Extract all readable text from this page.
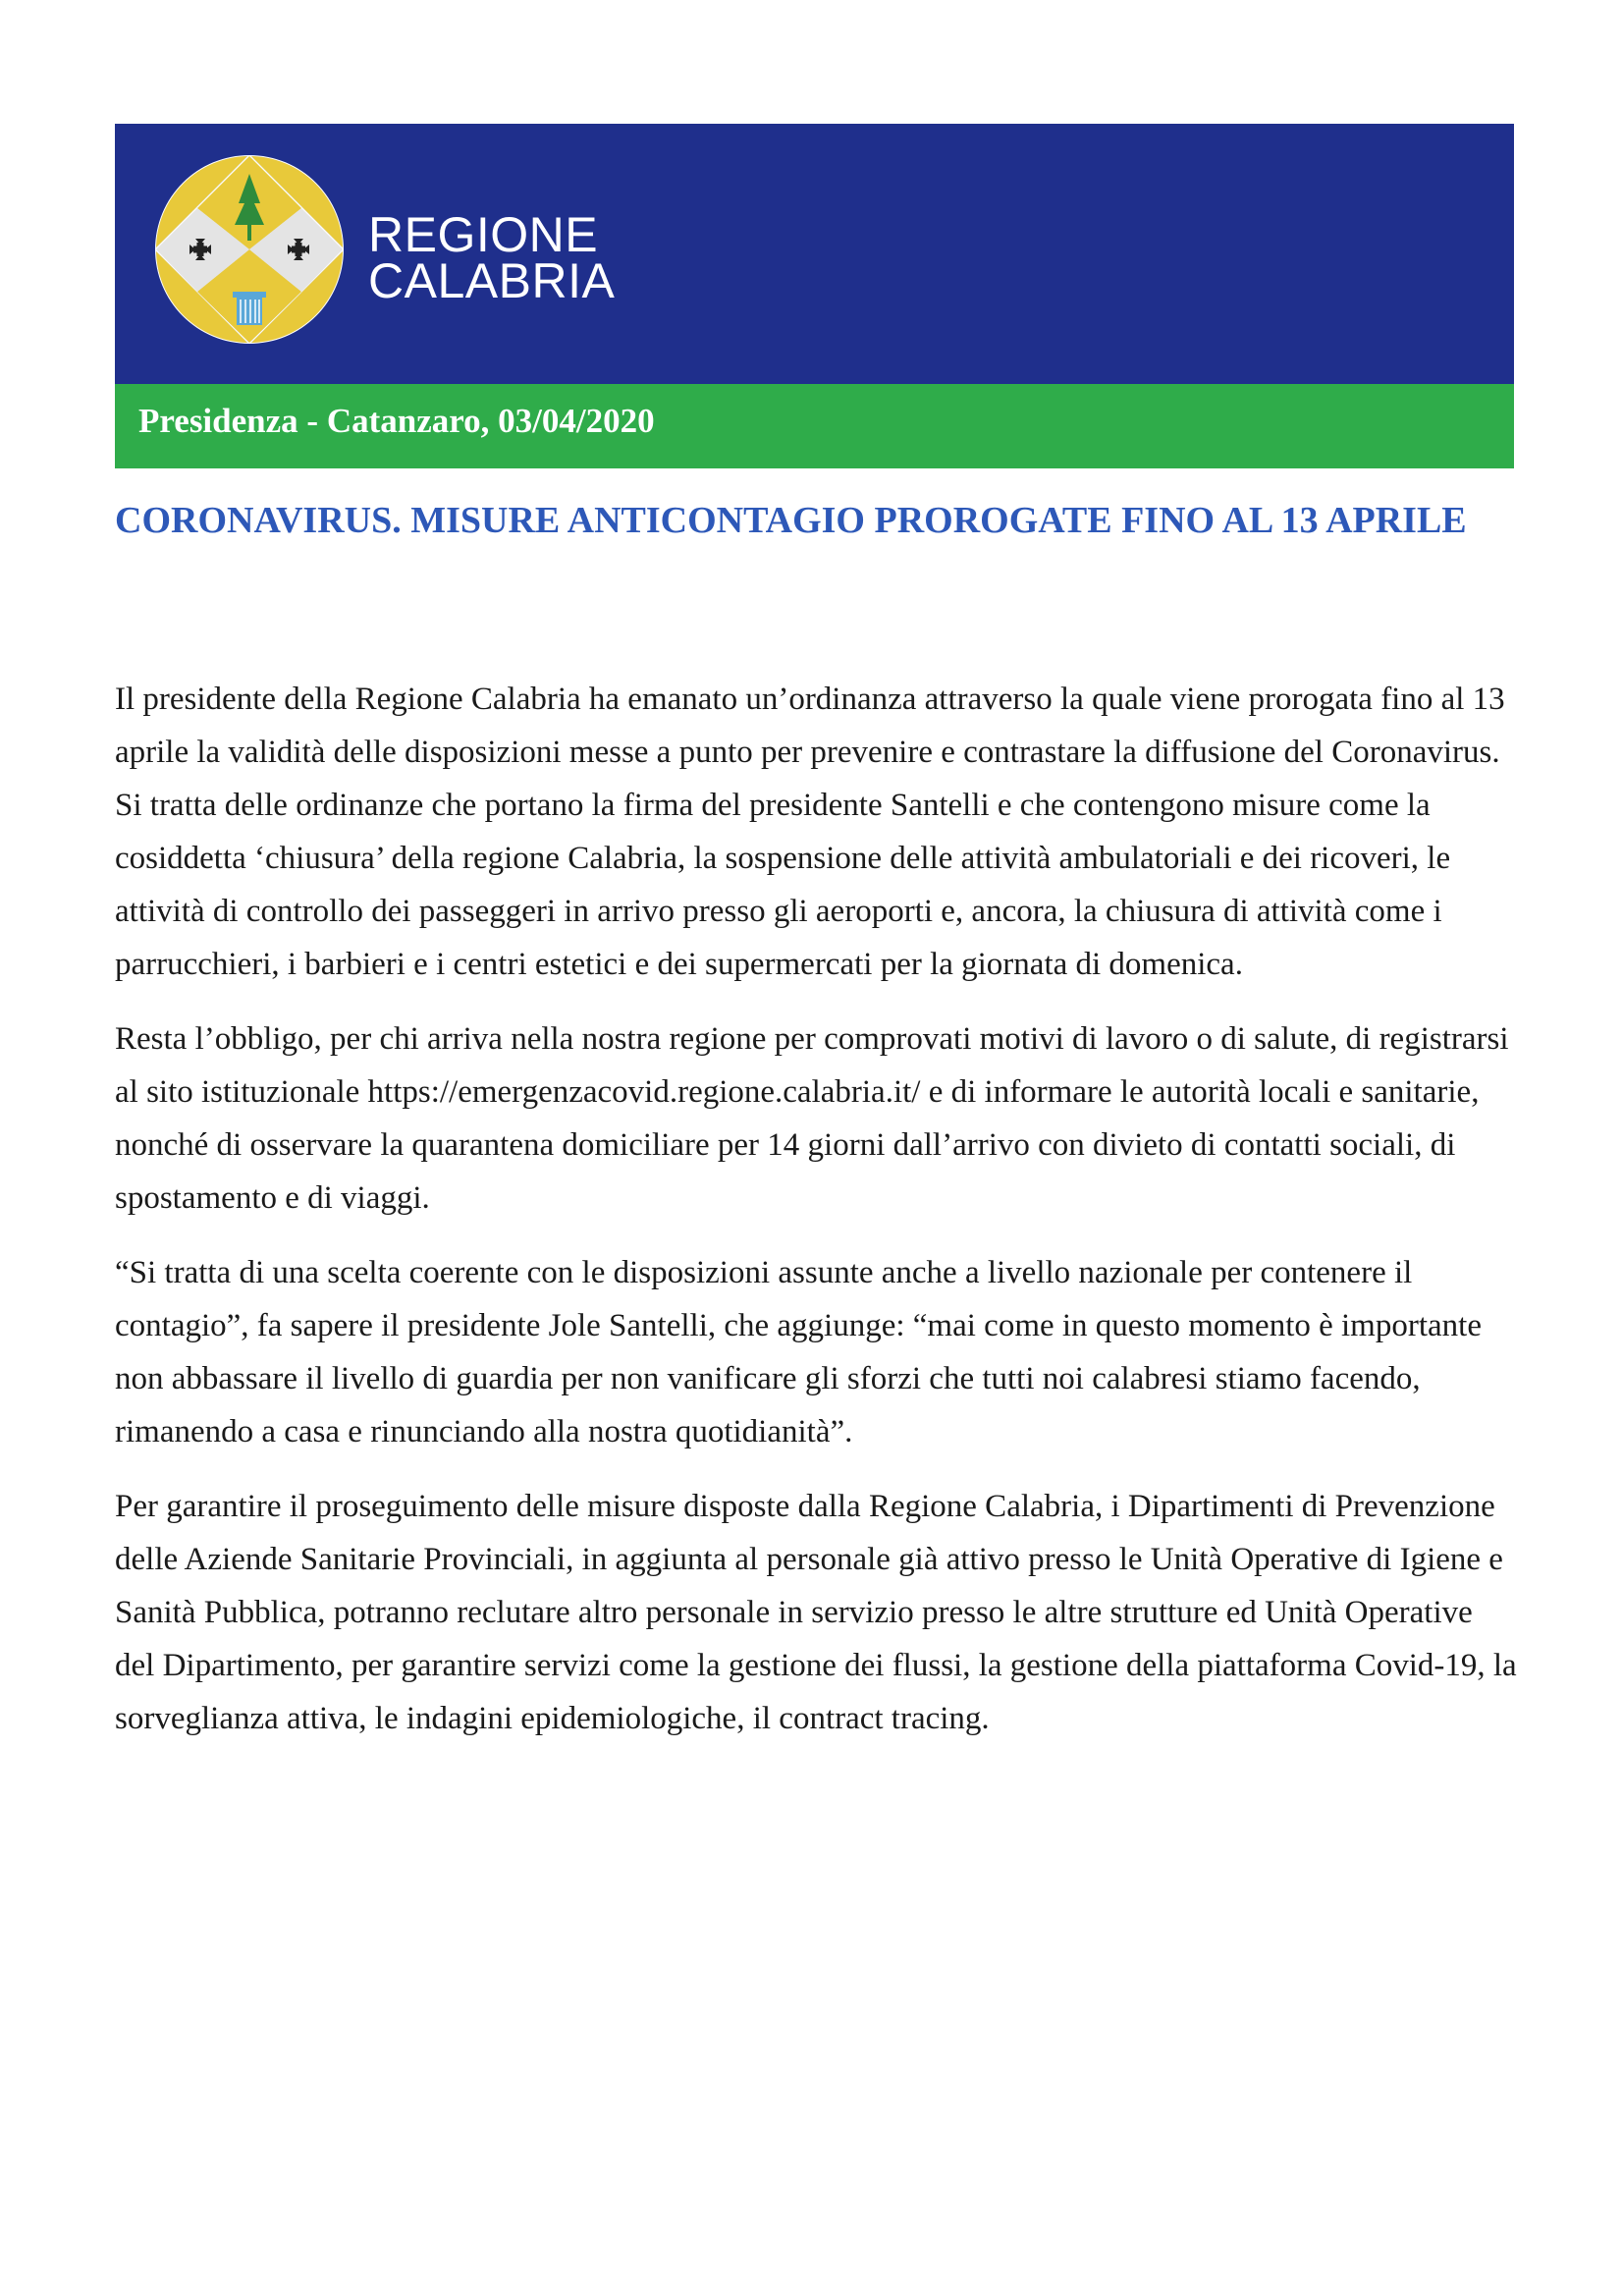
REGIONE
CALABRIA
Presidenza - Catanzaro, 03/04/2020
CORONAVIRUS. MISURE ANTICONTAGIO PROROGATE FINO AL 13 APRILE

Il presidente della Regione Calabria ha emanato un’ordinanza attraverso la quale viene prorogata fino al 13 aprile la validità delle disposizioni messe a punto per prevenire e contrastare la diffusione del Coronavirus. Si tratta delle ordinanze che portano la firma del presidente Santelli e che contengono misure come la cosiddetta ‘chiusura’ della regione Calabria, la sospensione delle attività ambulatoriali e dei ricoveri, le attività di controllo dei passeggeri in arrivo presso gli aeroporti e, ancora, la chiusura di attività come i parrucchieri, i barbieri e i centri estetici e dei supermercati per la giornata di domenica.

Resta l’obbligo, per chi arriva nella nostra regione per comprovati motivi di lavoro o di salute, di registrarsi al sito istituzionale https://emergenzacovid.regione.calabria.it/ e di informare le autorità locali e sanitarie, nonché di osservare la quarantena domiciliare per 14 giorni dall’arrivo con divieto di contatti sociali, di spostamento e di viaggi.

“Si tratta di una scelta coerente con le disposizioni assunte anche a livello nazionale per contenere il contagio”, fa sapere il presidente Jole Santelli, che aggiunge: “mai come in questo momento è importante non abbassare il livello di guardia per non vanificare gli sforzi che tutti noi calabresi stiamo facendo, rimanendo a casa e rinunciando alla nostra quotidianità”.

Per garantire il proseguimento delle misure disposte dalla Regione Calabria, i Dipartimenti di Prevenzione delle Aziende Sanitarie Provinciali, in aggiunta al personale già attivo presso le Unità Operative di Igiene e Sanità Pubblica, potranno reclutare altro personale in servizio presso le altre strutture ed Unità Operative del Dipartimento, per garantire servizi come la gestione dei flussi, la gestione della piattaforma Covid-19, la sorveglianza attiva, le indagini epidemiologiche, il contract tracing.
